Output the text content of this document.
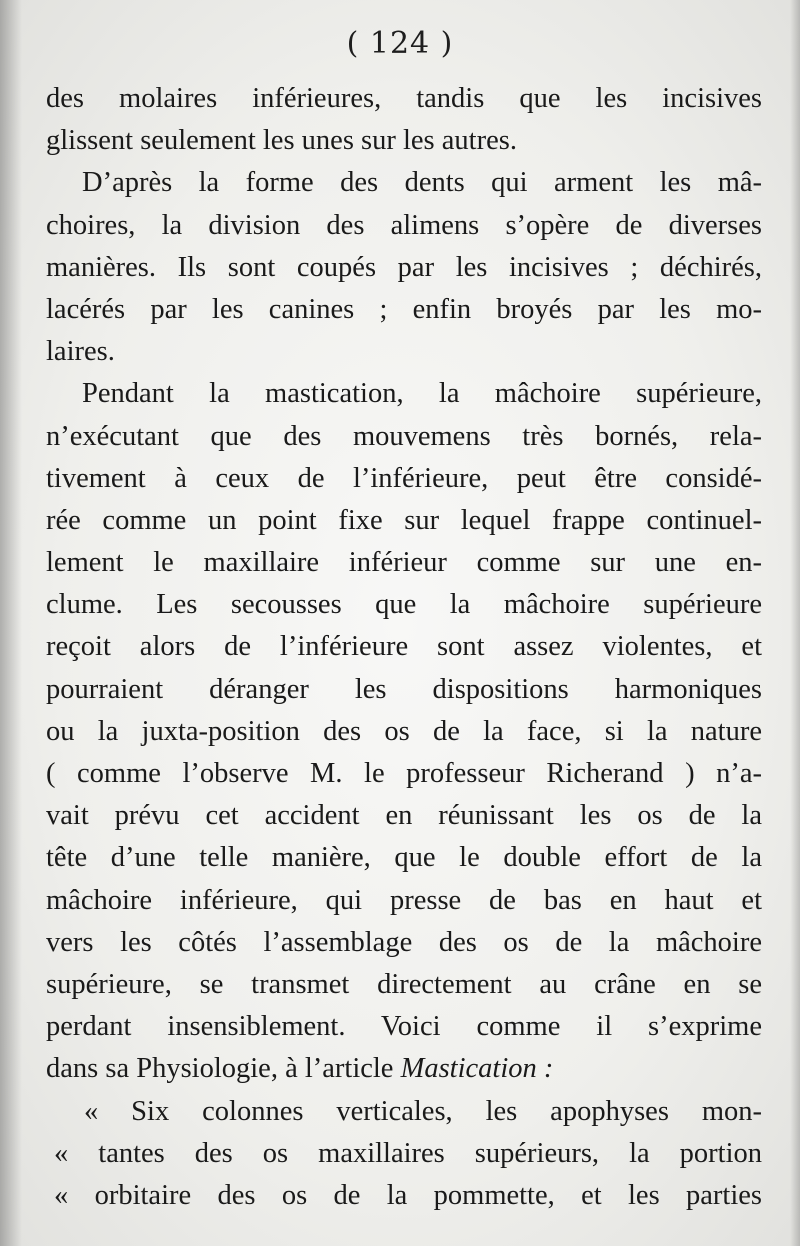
( 124 )
des molaires inférieures, tandis que les incisives
glissent seulement les unes sur les autres.
D’après la forme des dents qui arment les mâ-
choires, la division des alimens s’opère de diverses
manières. Ils sont coupés par les incisives ; déchirés,
lacérés par les canines ; enfin broyés par les mo-
laires.
Pendant la mastication, la mâchoire supérieure,
n’exécutant que des mouvemens très bornés, rela-
tivement à ceux de l’inférieure, peut être considé-
rée comme un point fixe sur lequel frappe continuel-
lement le maxillaire inférieur comme sur une en-
clume. Les secousses que la mâchoire supérieure
reçoit alors de l’inférieure sont assez violentes, et
pourraient déranger les dispositions harmoniques
ou la juxta-position des os de la face, si la nature
( comme l’observe M. le professeur Richerand ) n’a-
vait prévu cet accident en réunissant les os de la
tête d’une telle manière, que le double effort de la
mâchoire inférieure, qui presse de bas en haut et
vers les côtés l’assemblage des os de la mâchoire
supérieure, se transmet directement au crâne en se
perdant insensiblement. Voici comme il s’exprime
dans sa Physiologie, à l’article Mastication :
« Six colonnes verticales, les apophyses mon-
« tantes des os maxillaires supérieurs, la portion
« orbitaire des os de la pommette, et les parties
